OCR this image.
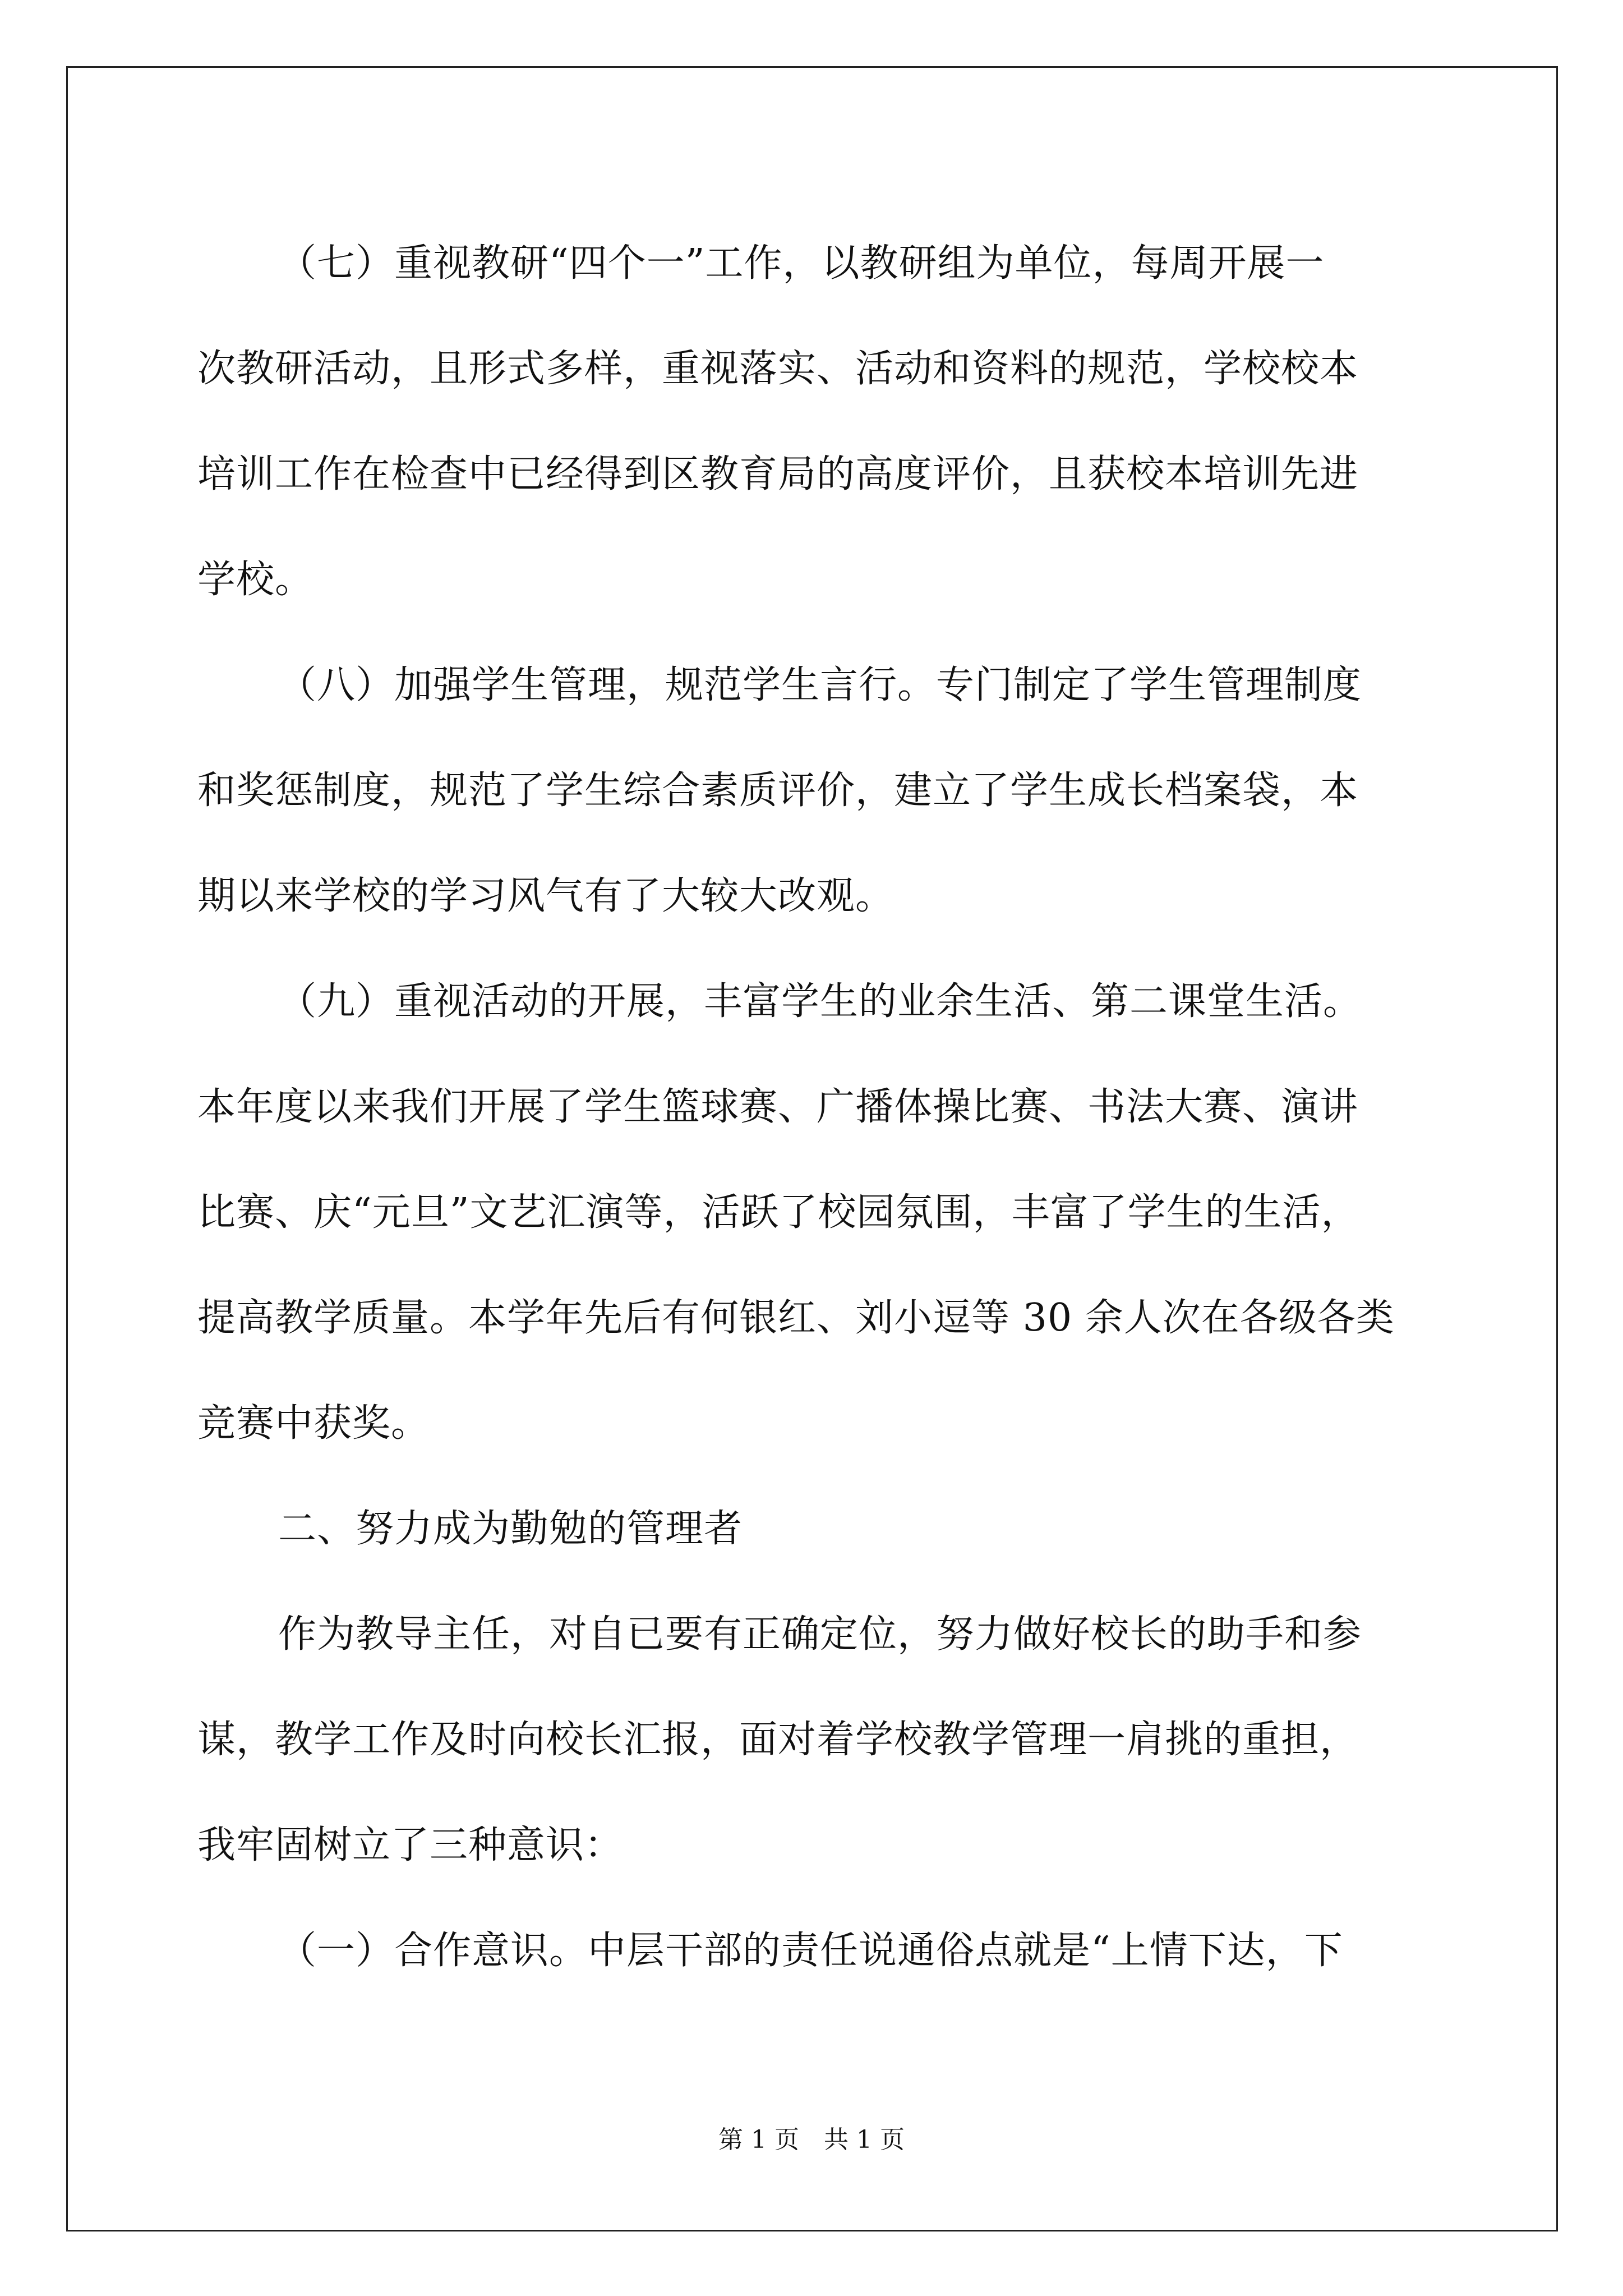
（七）重视教研“四个一”工作，以教研组为单位，每周开展一
次教研活动，且形式多样，重视落实、活动和资料的规范，学校校本
培训工作在检查中已经得到区教育局的高度评价，且获校本培训先进
学校。

（八）加强学生管理，规范学生言行。专门制定了学生管理制度
和奖惩制度，规范了学生综合素质评价，建立了学生成长档案袋，本
期以来学校的学习风气有了大较大改观。

（九）重视活动的开展，丰富学生的业余生活、第二课堂生活。
本年度以来我们开展了学生篮球赛、广播体操比赛、书法大赛、演讲
比赛、庆“元旦”文艺汇演等，活跃了校园氛围，丰富了学生的生活，
提高教学质量。本学年先后有何银红、刘小逗等 30 余人次在各级各类
竞赛中获奖。

二、努力成为勤勉的管理者

作为教导主任，对自已要有正确定位，努力做好校长的助手和参
谋，教学工作及时向校长汇报，面对着学校教学管理一肩挑的重担，
我牢固树立了三种意识：

（一）合作意识。中层干部的责任说通俗点就是“上情下达，下

第 1 页　共 1 页
